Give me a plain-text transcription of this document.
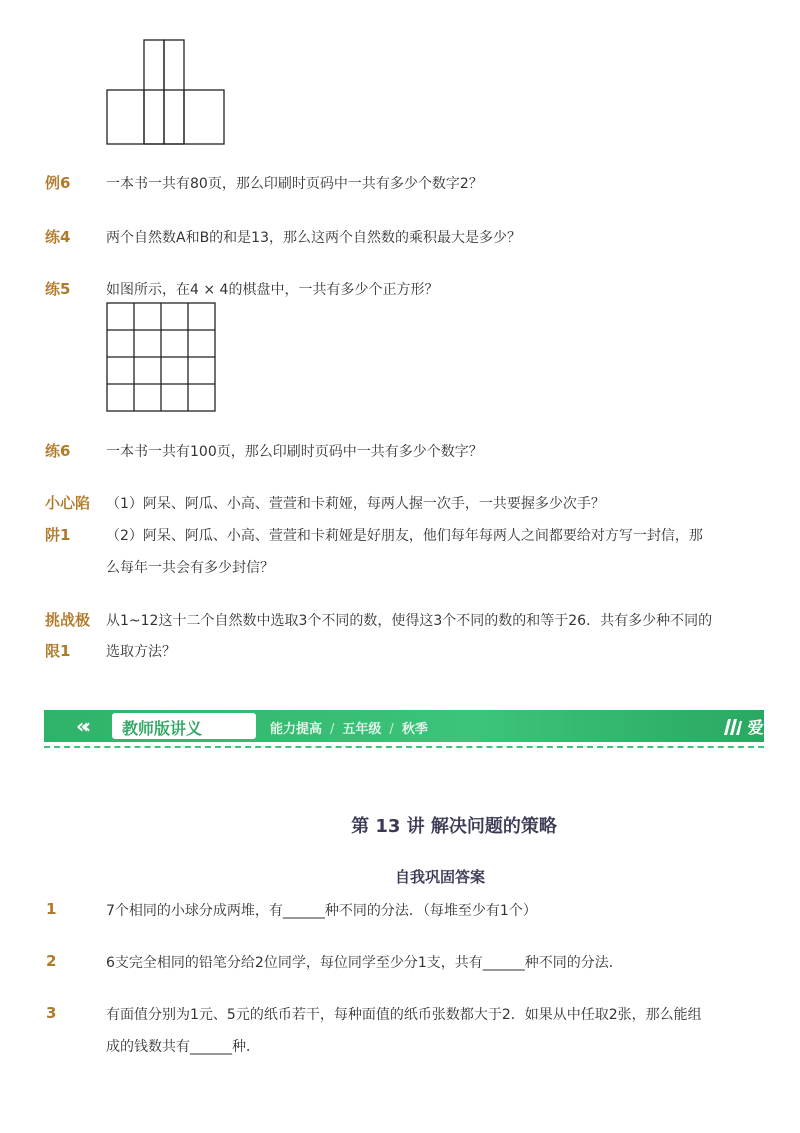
例6	一本书一共有80页，那么印刷时页码中一共有多少个数字2？
练4	两个自然数A和B的和是13，那么这两个自然数的乘积最大是多少？
练5	如图所示，在4 × 4的棋盘中，一共有多少个正方形？
练6	一本书一共有100页，那么印刷时页码中一共有多少个数字？
小心陷
阱1
（1）阿呆、阿瓜、小高、萱萱和卡莉娅，每两人握一次手，一共要握多少次手？
（2）阿呆、阿瓜、小高、萱萱和卡莉娅是好朋友，他们每年每两人之间都要给对方写一封信，那
么每年一共会有多少封信？
挑战极
限1
从1~12这十二个自然数中选取3个不同的数，使得这3个不同的数的和等于26．共有多少种不同的
选取方法？
«‹ 教师版讲义 ›» 能力提高 / 五年级 / 秋季	爱学习
第 13 讲 解决问题的策略
自我巩固答案
1	7个相同的小球分成两堆，有______种不同的分法．（每堆至少有1个）
2	6支完全相同的铅笔分给2位同学，每位同学至少分1支，共有______种不同的分法．
3	有面值分别为1元、5元的纸币若干，每种面值的纸币张数都大于2．如果从中任取2张，那么能组
成的钱数共有______种．
